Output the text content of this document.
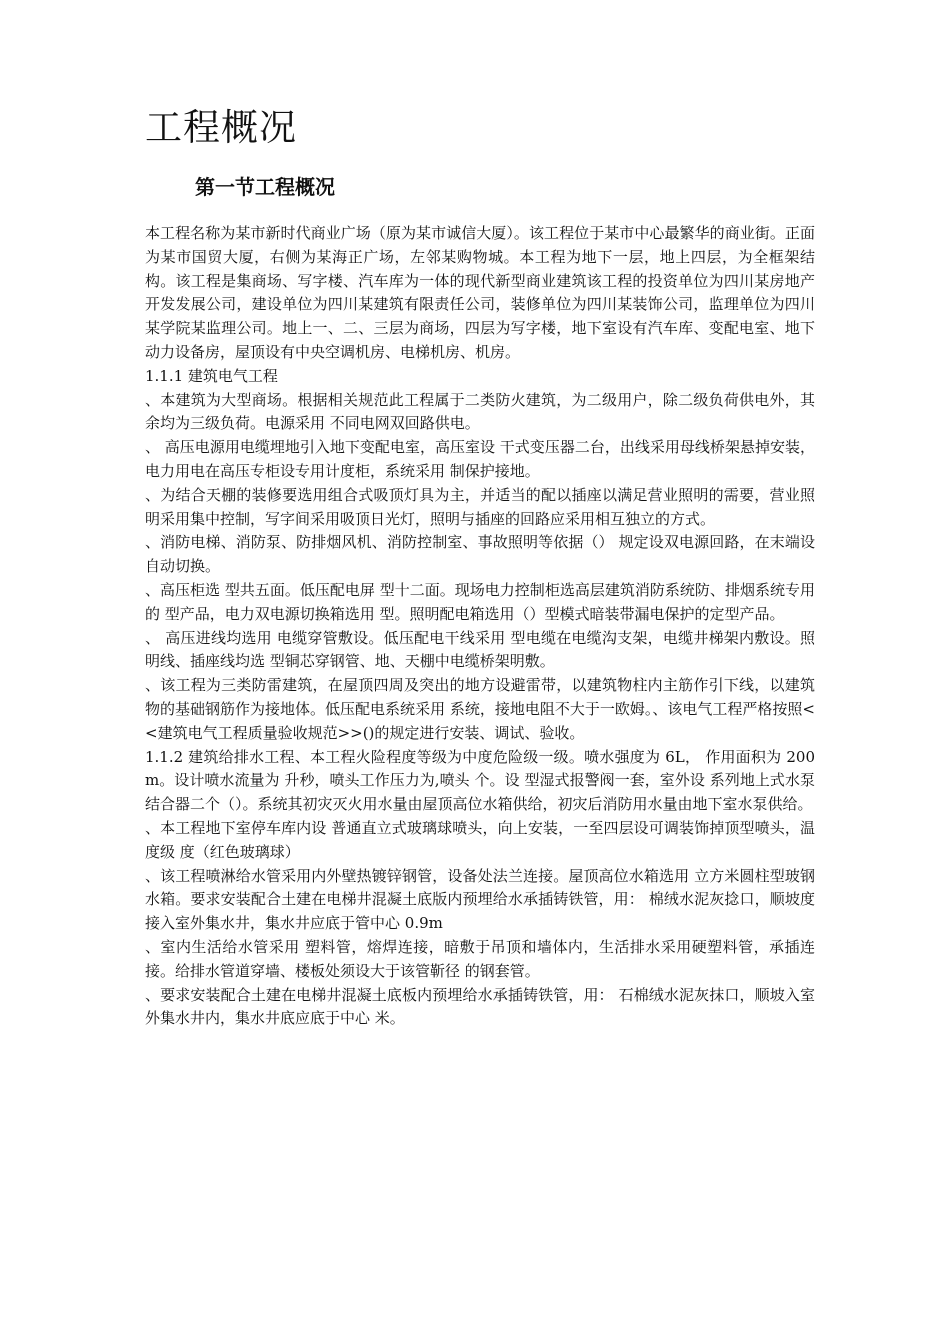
工程概况
第一节工程概况

本工程名称为某市新时代商业广场（原为某市诚信大厦）。该工程位于某市中心最繁华的商业街。正面为某市国贸大厦，右侧为某海正广场，左邻某购物城。本工程为地下一层，地上四层，为全框架结构。该工程是集商场、写字楼、汽车库为一体的现代新型商业建筑该工程的投资单位为四川某房地产开发发展公司，建设单位为四川某建筑有限责任公司，装修单位为四川某装饰公司，监理单位为四川某学院某监理公司。地上一、二、三层为商场，四层为写字楼，地下室设有汽车库、变配电室、地下动力设备房，屋顶设有中央空调机房、电梯机房、机房。

1.1.1 建筑电气工程

、本建筑为大型商场。根据相关规范此工程属于二类防火建筑，为二级用户，除二级负荷供电外，其余均为三级负荷。电源采用 不同电网双回路供电。

、 高压电源用电缆埋地引入地下变配电室，高压室设 干式变压器二台，出线采用母线桥架悬掉安装，电力用电在高压专柜设专用计度柜，系统采用 制保护接地。

、为结合天棚的装修要选用组合式吸顶灯具为主，并适当的配以插座以满足营业照明的需要，营业照明采用集中控制，写字间采用吸顶日光灯，照明与插座的回路应采用相互独立的方式。

、消防电梯、消防泵、防排烟风机、消防控制室、事故照明等依据（） 规定设双电源回路，在末端设自动切换。

、高压柜选 型共五面。低压配电屏 型十二面。现场电力控制柜选高层建筑消防系统防、排烟系统专用的 型产品，电力双电源切换箱选用 型。照明配电箱选用（）型模式暗装带漏电保护的定型产品。

、 高压进线均选用 电缆穿管敷设。低压配电干线采用 型电缆在电缆沟支架，电缆井梯架内敷设。照明线、插座线均选 型铜芯穿钢管、地、天棚中电缆桥架明敷。

、该工程为三类防雷建筑，在屋顶四周及突出的地方设避雷带，以建筑物柱内主筋作引下线，以建筑物的基础钢筋作为接地体。低压配电系统采用 系统，接地电阻不大于一欧姆。、该电气工程严格按照<<建筑电气工程质量验收规范>>()的规定进行安装、调试、验收。

1.1.2 建筑给排水工程、本工程火险程度等级为中度危险级一级。喷水强度为 6L， 作用面积为 200m。设计喷水流量为 升秒，喷头工作压力为,喷头 个。设 型湿式报警阀一套，室外设 系列地上式水泵结合器二个（）。系统其初灾灭火用水量由屋顶高位水箱供给，初灾后消防用水量由地下室水泵供给。

、本工程地下室停车库内设 普通直立式玻璃球喷头，向上安装，一至四层设可调装饰掉顶型喷头，温度级 度（红色玻璃球）

、该工程喷淋给水管采用内外壁热镀锌钢管，设备处法兰连接。屋顶高位水箱选用 立方米圆柱型玻钢水箱。要求安装配合土建在电梯井混凝土底版内预埋给水承插铸铁管，用： 棉绒水泥灰捻口，顺坡度接入室外集水井，集水井应底于管中心 0.9m

、室内生活给水管采用 塑料管，熔焊连接，暗敷于吊顶和墙体内，生活排水采用硬塑料管，承插连接。给排水管道穿墙、楼板处须设大于该管靳径 的钢套管。

、要求安装配合土建在电梯井混凝土底板内预埋给水承插铸铁管，用： 石棉绒水泥灰抹口，顺坡入室外集水井内，集水井底应底于中心 米。
